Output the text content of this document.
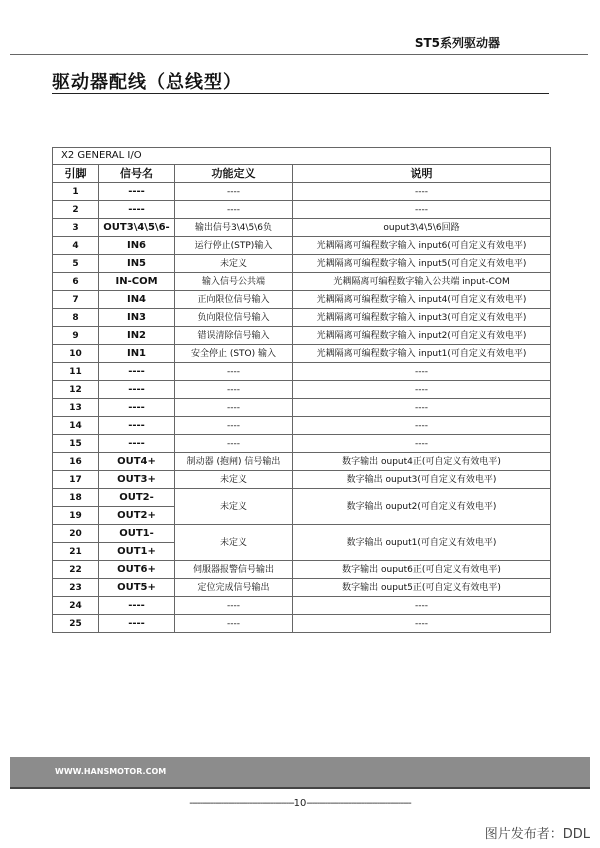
ST5系列驱动器
驱动器配线（总线型）
X2 GENERAL I/O			
引脚	信号名	功能定义	说明
1	----	----	----
2	----	----	----
3	OUT3\4\5\6-	输出信号3\4\5\6负	ouput3\4\5\6回路
4	IN6	运行停止(STP)输入	光耦隔离可编程数字输入 input6(可自定义有效电平)
5	IN5	未定义	光耦隔离可编程数字输入 input5(可自定义有效电平)
6	IN-COM	输入信号公共端	光耦隔离可编程数字输入公共端 input-COM
7	IN4	正向限位信号输入	光耦隔离可编程数字输入 input4(可自定义有效电平)
8	IN3	负向限位信号输入	光耦隔离可编程数字输入 input3(可自定义有效电平)
9	IN2	错误清除信号输入	光耦隔离可编程数字输入 input2(可自定义有效电平)
10	IN1	安全停止 (STO) 输入	光耦隔离可编程数字输入 input1(可自定义有效电平)
11	----	----	----
12	----	----	----
13	----	----	----
14	----	----	----
15	----	----	----
16	OUT4+	制动器 (抱闸) 信号输出	数字输出 ouput4正(可自定义有效电平)
17	OUT3+	未定义	数字输出 ouput3(可自定义有效电平)
18	OUT2-	未定义	数字输出 ouput2(可自定义有效电平)
19	OUT2+		
20	OUT1-	未定义	数字输出 ouput1(可自定义有效电平)
21	OUT1+		
22	OUT6+	伺服器报警信号输出	数字输出 ouput6正(可自定义有效电平)
23	OUT5+	定位完成信号输出	数字输出 ouput5正(可自定义有效电平)
24	----	----	----
25	----	----	----
WWW.HANSMOTOR.COM
----------------------------------------10----------------------------------------
图片发布者：DDL
